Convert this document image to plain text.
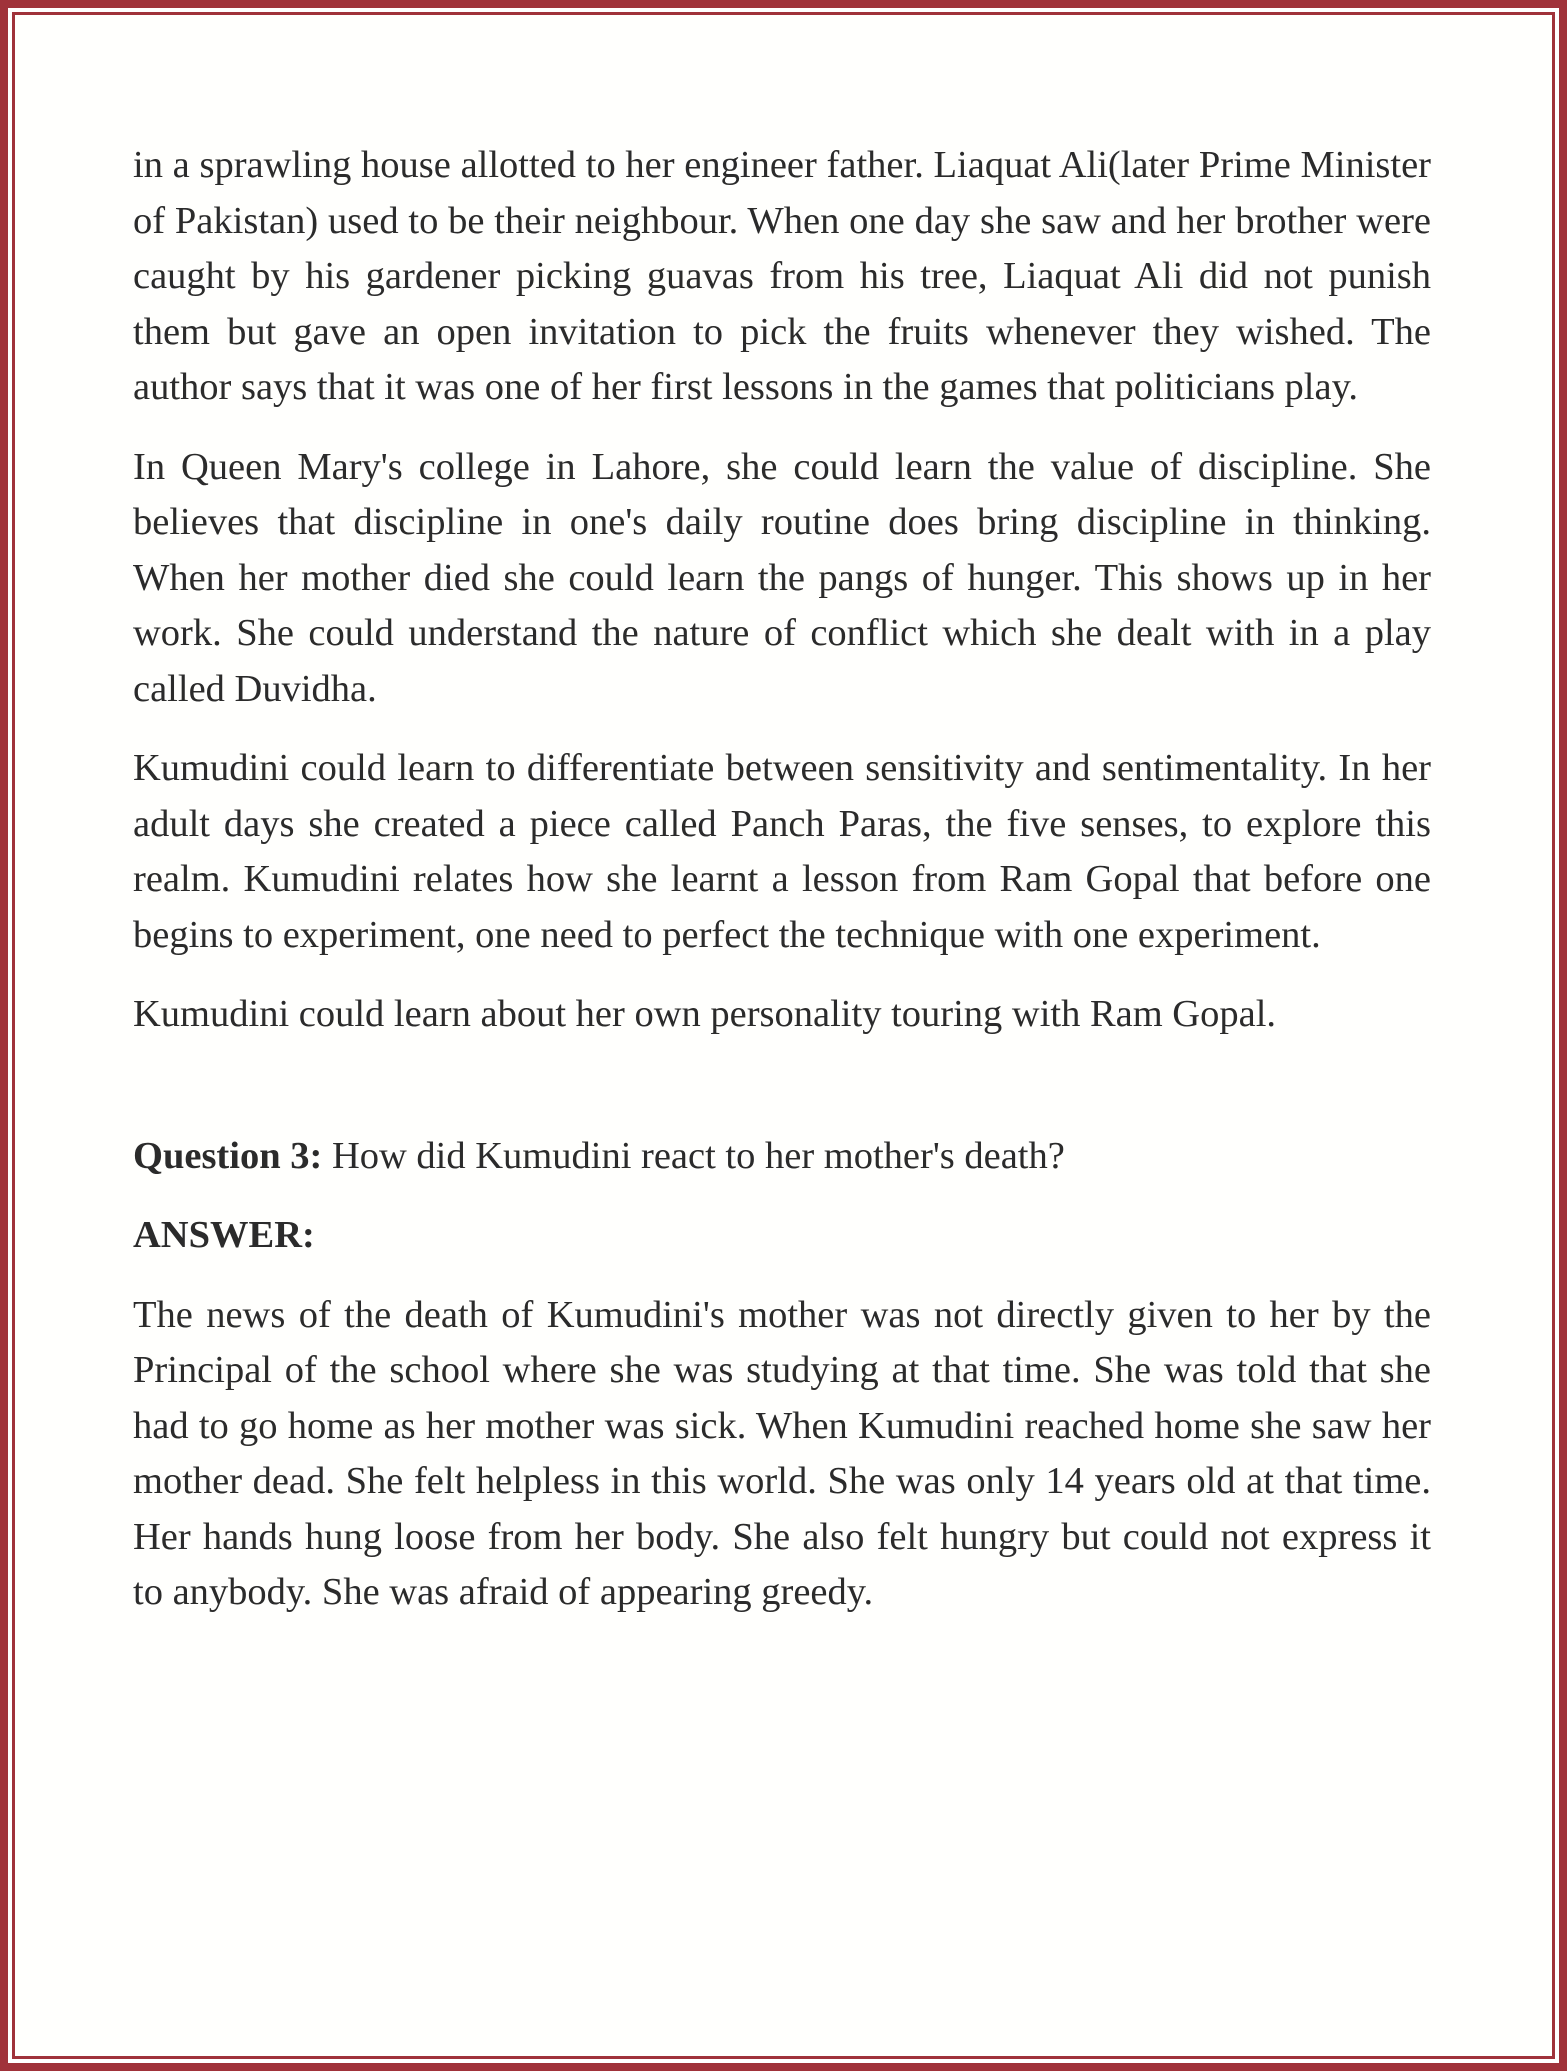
in a sprawling house allotted to her engineer father. Liaquat Ali(later Prime Minister of Pakistan) used to be their neighbour. When one day she saw and her brother were caught by his gardener picking guavas from his tree, Liaquat Ali did not punish them but gave an open invitation to pick the fruits whenever they wished. The author says that it was one of her first lessons in the games that politicians play.

In Queen Mary's college in Lahore, she could learn the value of discipline. She believes that discipline in one's daily routine does bring discipline in thinking. When her mother died she could learn the pangs of hunger. This shows up in her work. She could understand the nature of conflict which she dealt with in a play called Duvidha.

Kumudini could learn to differentiate between sensitivity and sentimentality. In her adult days she created a piece called Panch Paras, the five senses, to explore this realm. Kumudini relates how she learnt a lesson from Ram Gopal that before one begins to experiment, one need to perfect the technique with one experiment.

Kumudini could learn about her own personality touring with Ram Gopal.

Question 3: How did Kumudini react to her mother's death?

ANSWER:

The news of the death of Kumudini's mother was not directly given to her by the Principal of the school where she was studying at that time. She was told that she had to go home as her mother was sick. When Kumudini reached home she saw her mother dead. She felt helpless in this world. She was only 14 years old at that time. Her hands hung loose from her body. She also felt hungry but could not express it to anybody. She was afraid of appearing greedy.
